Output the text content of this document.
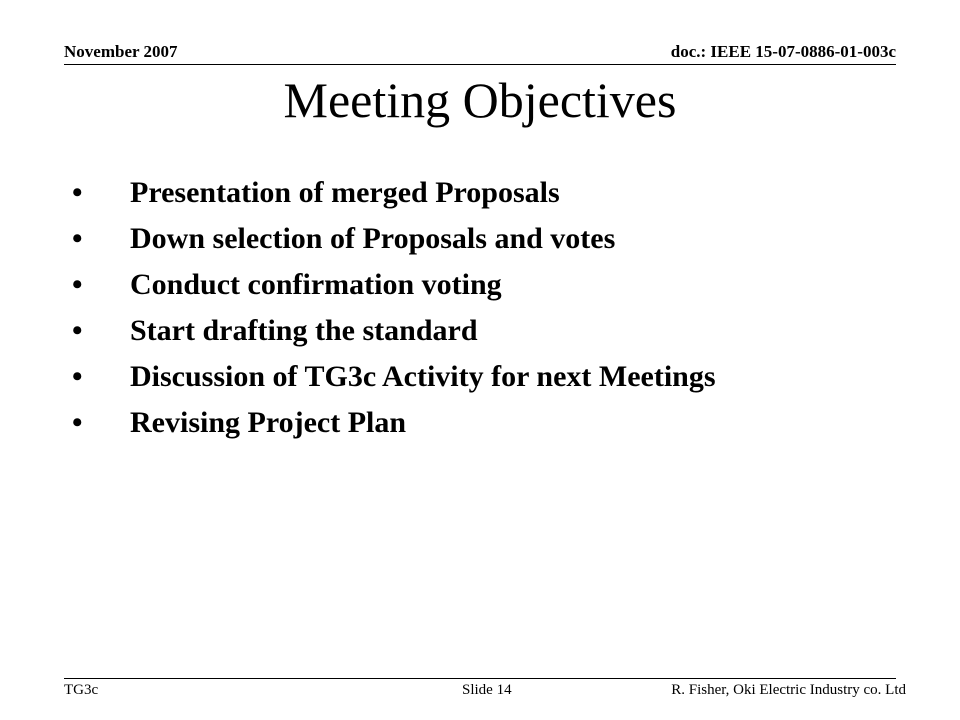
November 2007	doc.: IEEE 15-07-0886-01-003c
Meeting Objectives
• Presentation of merged Proposals
• Down selection of Proposals and votes
• Conduct confirmation voting
• Start drafting the standard
• Discussion of TG3c Activity for next Meetings
• Revising Project Plan
TG3c	Slide 14	R. Fisher, Oki Electric Industry co. Ltd
